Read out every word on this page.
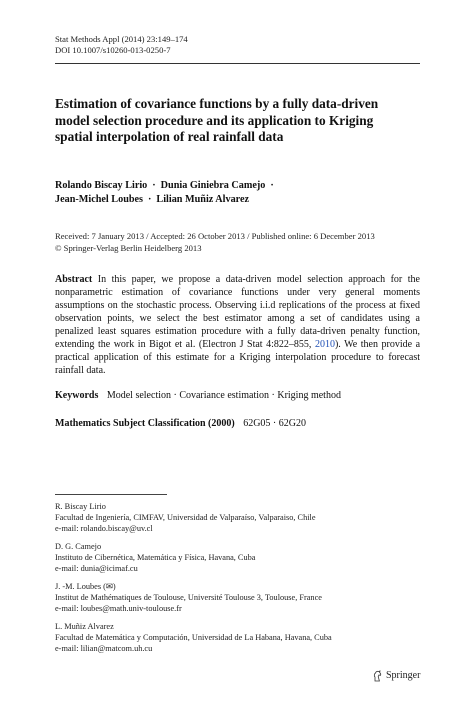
Stat Methods Appl (2014) 23:149–174
DOI 10.1007/s10260-013-0250-7
Estimation of covariance functions by a fully data-driven model selection procedure and its application to Kriging spatial interpolation of real rainfall data
Rolando Biscay Lirio · Dunia Giniebra Camejo ·
Jean-Michel Loubes · Lilian Muñiz Alvarez
Received: 7 January 2013 / Accepted: 26 October 2013 / Published online: 6 December 2013
© Springer-Verlag Berlin Heidelberg 2013
Abstract In this paper, we propose a data-driven model selection approach for the nonparametric estimation of covariance functions under very general moments assumptions on the stochastic process. Observing i.i.d replications of the process at fixed observation points, we select the best estimator among a set of candidates using a penalized least squares estimation procedure with a fully data-driven penalty function, extending the work in Bigot et al. (Electron J Stat 4:822–855, 2010). We then provide a practical application of this estimate for a Kriging interpolation procedure to forecast rainfall data.
Keywords Model selection · Covariance estimation · Kriging method
Mathematics Subject Classification (2000) 62G05 · 62G20
R. Biscay Lirio
Facultad de Ingeniería, CIMFAV, Universidad de Valparaíso, Valparaiso, Chile
e-mail: rolando.biscay@uv.cl
D. G. Camejo
Instituto de Cibernética, Matemática y Física, Havana, Cuba
e-mail: dunia@icimaf.cu
J. -M. Loubes (✉)
Institut de Mathématiques de Toulouse, Université Toulouse 3, Toulouse, France
e-mail: loubes@math.univ-toulouse.fr
L. Muñiz Alvarez
Facultad de Matemática y Computación, Universidad de La Habana, Havana, Cuba
e-mail: lilian@matcom.uh.cu
Springer
